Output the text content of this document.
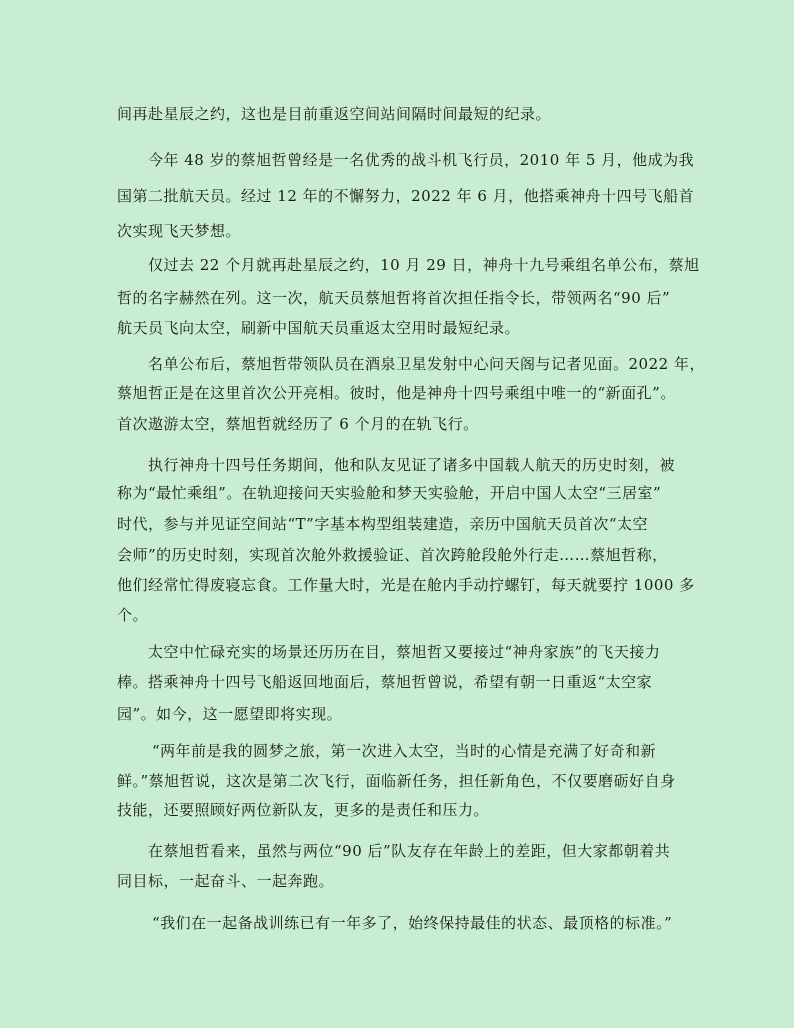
间再赴星辰之约，这也是目前重返空间站间隔时间最短的纪录。
今年 48 岁的蔡旭哲曾经是一名优秀的战斗机飞行员，2010 年 5 月，他成为我
国第二批航天员。经过 12 年的不懈努力，2022 年 6 月，他搭乘神舟十四号飞船首
次实现飞天梦想。
仅过去 22 个月就再赴星辰之约，10 月 29 日，神舟十九号乘组名单公布，蔡旭
哲的名字赫然在列。这一次，航天员蔡旭哲将首次担任指令长，带领两名“90 后”
航天员飞向太空，刷新中国航天员重返太空用时最短纪录。
名单公布后，蔡旭哲带领队员在酒泉卫星发射中心问天阁与记者见面。2022 年，
蔡旭哲正是在这里首次公开亮相。彼时，他是神舟十四号乘组中唯一的“新面孔”。
首次遨游太空，蔡旭哲就经历了 6 个月的在轨飞行。
执行神舟十四号任务期间，他和队友见证了诸多中国载人航天的历史时刻，被
称为“最忙乘组”。在轨迎接问天实验舱和梦天实验舱，开启中国人太空“三居室”
时代，参与并见证空间站“T”字基本构型组装建造，亲历中国航天员首次“太空
会师”的历史时刻，实现首次舱外救援验证、首次跨舱段舱外行走……蔡旭哲称，
他们经常忙得废寝忘食。工作量大时，光是在舱内手动拧螺钉，每天就要拧 1000 多
个。
太空中忙碌充实的场景还历历在目，蔡旭哲又要接过“神舟家族”的飞天接力
棒。搭乘神舟十四号飞船返回地面后，蔡旭哲曾说，希望有朝一日重返“太空家
园”。如今，这一愿望即将实现。
“两年前是我的圆梦之旅，第一次进入太空，当时的心情是充满了好奇和新
鲜。”蔡旭哲说，这次是第二次飞行，面临新任务，担任新角色，不仅要磨砺好自身
技能，还要照顾好两位新队友，更多的是责任和压力。
在蔡旭哲看来，虽然与两位“90 后”队友存在年龄上的差距，但大家都朝着共
同目标，一起奋斗、一起奔跑。
“我们在一起备战训练已有一年多了，始终保持最佳的状态、最顶格的标准。”
